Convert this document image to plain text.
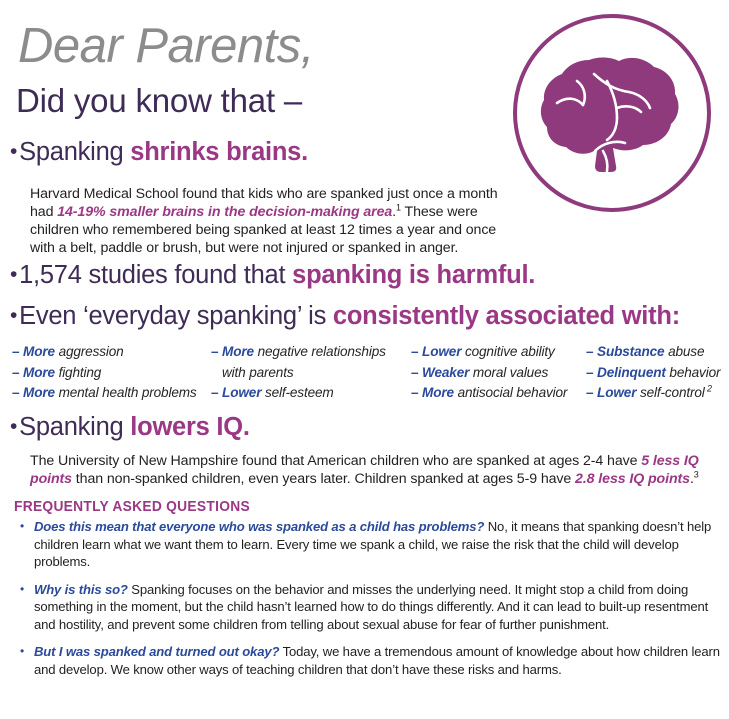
Dear Parents,
Did you know that –
•Spanking shrinks brains.
Harvard Medical School found that kids who are spanked just once a month had 14-19% smaller brains in the decision-making area.$^1$ These were children who remembered being spanked at least 12 times a year and once with a belt, paddle or brush, but were not injured or spanked in anger.
•1,574 studies found that spanking is harmful.
•Even ‘everyday spanking’ is consistently associated with:
– More aggression
– More fighting
– More mental health problems
– More negative relationships with parents
– Lower self-esteem
– Lower cognitive ability
– Weaker moral values
– More antisocial behavior
– Substance abuse
– Delinquent behavior
– Lower self-control $^2$
•Spanking lowers IQ.
The University of New Hampshire found that American children who are spanked at ages 2-4 have 5 less IQ points than non-spanked children, even years later. Children spanked at ages 5-9 have 2.8 less IQ points.$^3$
FREQUENTLY ASKED QUESTIONS
• Does this mean that everyone who was spanked as a child has problems? No, it means that spanking doesn’t help children learn what we want them to learn. Every time we spank a child, we raise the risk that the child will develop problems.
• Why is this so? Spanking focuses on the behavior and misses the underlying need. It might stop a child from doing something in the moment, but the child hasn’t learned how to do things differently. And it can lead to built-up resentment and hostility, and prevent some children from telling about sexual abuse for fear of further punishment.
• But I was spanked and turned out okay? Today, we have a tremendous amount of knowledge about how children learn and develop. We know other ways of teaching children that don’t have these risks and harms.
